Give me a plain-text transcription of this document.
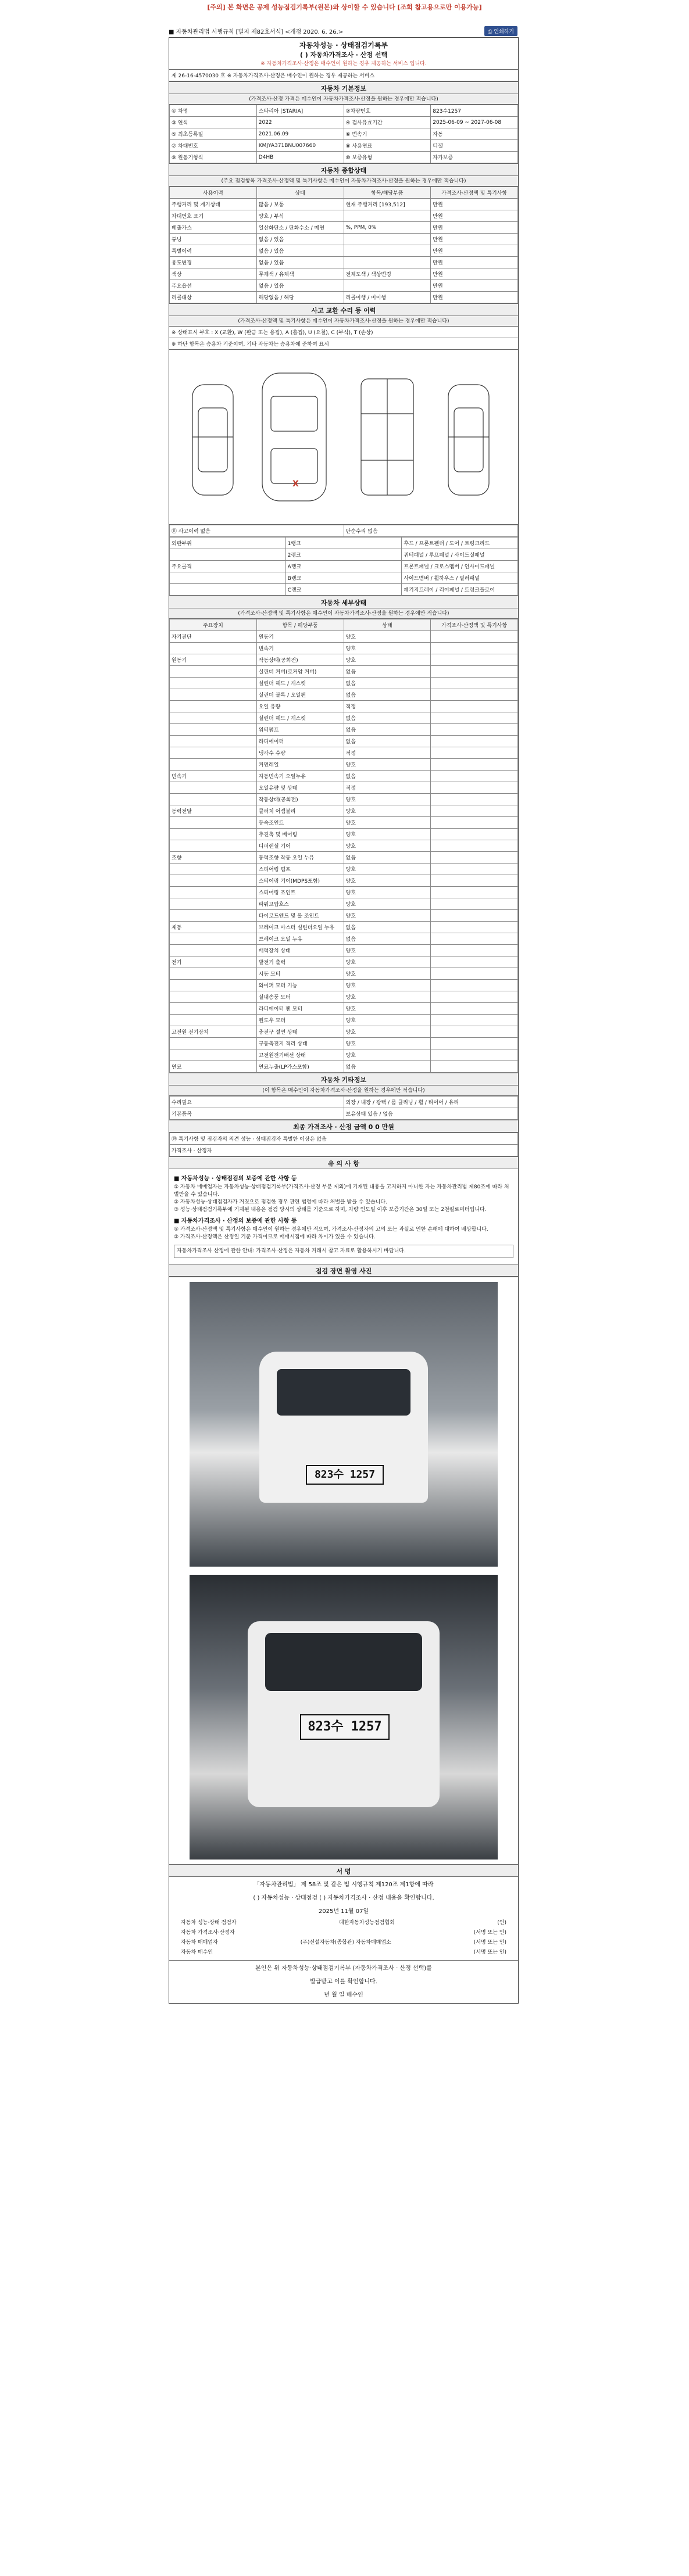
[주의] 본 화면은 공제 성능점검기록부(원본)와 상이할 수 있습니다 [조회 참고용으로만 이용가능]
■ 자동차관리법 시행규칙 [별지 제82호서식] <개정 2020. 6. 26.>	⎙ 인쇄하기
자동차성능 · 상태점검기록부
( ) 자동차가격조사 · 산정 선택
※ 자동차가격조사·산정은 매수인이 원하는 경우 제공하는 서비스 입니다.
제 26-16-4570030 호 ※ 자동차가격조사·산정은 매수인이 원하는 경우 제공하는 서비스
자동차 기본정보
(가격조사·산정 가격은 매수인이 자동차가격조사·산정을 원하는 경우에만 적습니다)
① 차명	스타리아 [STARIA]	②차량번호	823수1257
③ 연식	2022	④ 검사유효기간	2025-06-09 ~ 2027-06-08
⑤ 최초등록일	2021.06.09	⑥ 변속기	자동
⑦ 차대번호	KMJYA371BNU007660	⑧ 사용연료	디젤
⑨ 원동기형식	D4HB	⑩ 보증유형	자가보증
자동차 종합상태
(주요 점검항목 가격조사·산정액 및 특기사항은 매수인이 자동차가격조사·산정을 원하는 경우에만 적습니다)
사용이력	상태	항목/해당부품	가격조사·산정액 및 특기사항
주행거리 및 계기상태	많음 / 보통	현재 주행거리 [193,512]	만원
차대번호 표기	양호 / 부식		만원
배출가스	일산화탄소 / 탄화수소 / 매연	%, PPM, 0%	만원
튜닝	없음 / 있음		만원
특별이력	없음 / 있음		만원
용도변경	없음 / 있음		만원
색상	무채색 / 유채색	전체도색 / 색상변경	만원
주요옵션	없음 / 있음		만원
리콜대상	해당없음 / 해당	리콜이행 / 미이행	만원
사고 교환 수리 등 이력
(가격조사·산정액 및 특기사항은 매수인이 자동차가격조사·산정을 원하는 경우에만 적습니다)
※ 상태표시 부호 : X (교환), W (판금 또는 용접), A (흠집), U (요철), C (부식), T (손상)
※ 하단 항목은 승용차 기준이며, 기타 자동차는 승용차에 준하여 표시
X
⑪ 사고이력 없음	단순수리 없음
외판부위	1랭크	후드 / 프론트펜더 / 도어 / 트렁크리드
	2랭크	쿼터패널 / 루프패널 / 사이드실패널
주요골격	A랭크	프론트패널 / 크로스멤버 / 인사이드패널
	B랭크	사이드멤버 / 휠하우스 / 필러패널
	C랭크	패키지트레이 / 리어패널 / 트렁크플로어
자동차 세부상태
(가격조사·산정액 및 특기사항은 매수인이 자동차가격조사·산정을 원하는 경우에만 적습니다)
주요장치	항목 / 해당부품	상태	가격조사·산정액 및 특기사항
자기진단	원동기	양호	
	변속기	양호	
원동기	작동상태(공회전)	양호	
	실린더 커버(로커암 커버)	없음	
	실린더 헤드 / 개스킷	없음	
	실린더 블록 / 오일팬	없음	
	오일 유량	적정	
	실린더 헤드 / 개스킷	없음	
	워터펌프	없음	
	라디에이터	없음	
	냉각수 수량	적정	
	커먼레일	양호	
변속기	자동변속기 오일누유	없음	
	오일유량 및 상태	적정	
	작동상태(공회전)	양호	
동력전달	클러치 어셈블리	양호	
	등속조인트	양호	
	추진축 및 베어링	양호	
	디퍼렌셜 기어	양호	
조향	동력조향 작동 오일 누유	없음	
	스티어링 펌프	양호	
	스티어링 기어(MDPS포함)	양호	
	스티어링 조인트	양호	
	파워고압호스	양호	
	타이로드엔드 및 볼 조인트	양호	
제동	브레이크 마스터 실린더오일 누유	없음	
	브레이크 오일 누유	없음	
	배력장치 상태	양호	
전기	발전기 출력	양호	
	시동 모터	양호	
	와이퍼 모터 기능	양호	
	실내송풍 모터	양호	
	라디에이터 팬 모터	양호	
	윈도우 모터	양호	
고전원 전기장치	충전구 절연 상태	양호	
	구동축전지 격리 상태	양호	
	고전원전기배선 상태	양호	
연료	연료누출(LP가스포함)	없음	
자동차 기타정보
(이 항목은 매수인이 자동차가격조사·산정을 원하는 경우에만 적습니다)
수리필요	외장 / 내장 / 광택 / 룸 클리닝 / 휠 / 타이어 / 유리
기본품목	보유상태 있음 / 없음
최종 가격조사 · 산정 금액 0 0 만원
⑲ 특기사항 및 점검자의 의견 성능 · 상태점검자 특별한 이상은 없음
가격조사 · 산정자
유 의 사 항
■ 자동차성능 · 상태점검의 보증에 관한 사항 등
① 자동차 매매업자는 자동차성능·상태점검기록부(가격조사·산정 부분 제외)에 기재된 내용을 고지하지 아니한 자는 자동차관리법 제80조에 따라 처벌받을 수 있습니다.
② 자동차성능·상태점검자가 거짓으로 점검한 경우 관련 법령에 따라 처벌을 받을 수 있습니다.
③ 성능·상태점검기록부에 기재된 내용은 점검 당시의 상태를 기준으로 하며, 차량 인도일 이후 보증기간은 30일 또는 2천킬로미터입니다.
■ 자동차가격조사 · 산정의 보증에 관한 사항 등
① 가격조사·산정액 및 특기사항은 매수인이 원하는 경우에만 적으며, 가격조사·산정자의 고의 또는 과실로 인한 손해에 대하여 배상합니다.
② 가격조사·산정액은 산정일 기준 가격이므로 매매시점에 따라 차이가 있을 수 있습니다.
자동차가격조사 산정에 관한 안내: 가격조사·산정은 자동차 거래시 참고 자료로 활용하시기 바랍니다.
점검 장면 촬영 사진
823수 1257
823수 1257
서 명
「자동차관리법」 제 58조 및 같은 법 시행규칙 제120조 제1항에 따라
( ) 자동차성능 · 상태점검 ( ) 자동차가격조사 · 산정 내용을 확인합니다.
2025년 11월 07일
자동차 성능·상태 점검자	대한자동차성능점검협회	(인)
자동차 가격조사·산정자	(서명 또는 인)
자동차 매매업자	(주)신설자동차(종합관) 자동차매매업소	(서명 또는 인)
자동차 매수인	(서명 또는 인)
본인은 위 자동차성능·상태점검기록부 (자동차가격조사 · 산정 선택)를
발급받고 이를 확인합니다.
년 월 일 매수인
